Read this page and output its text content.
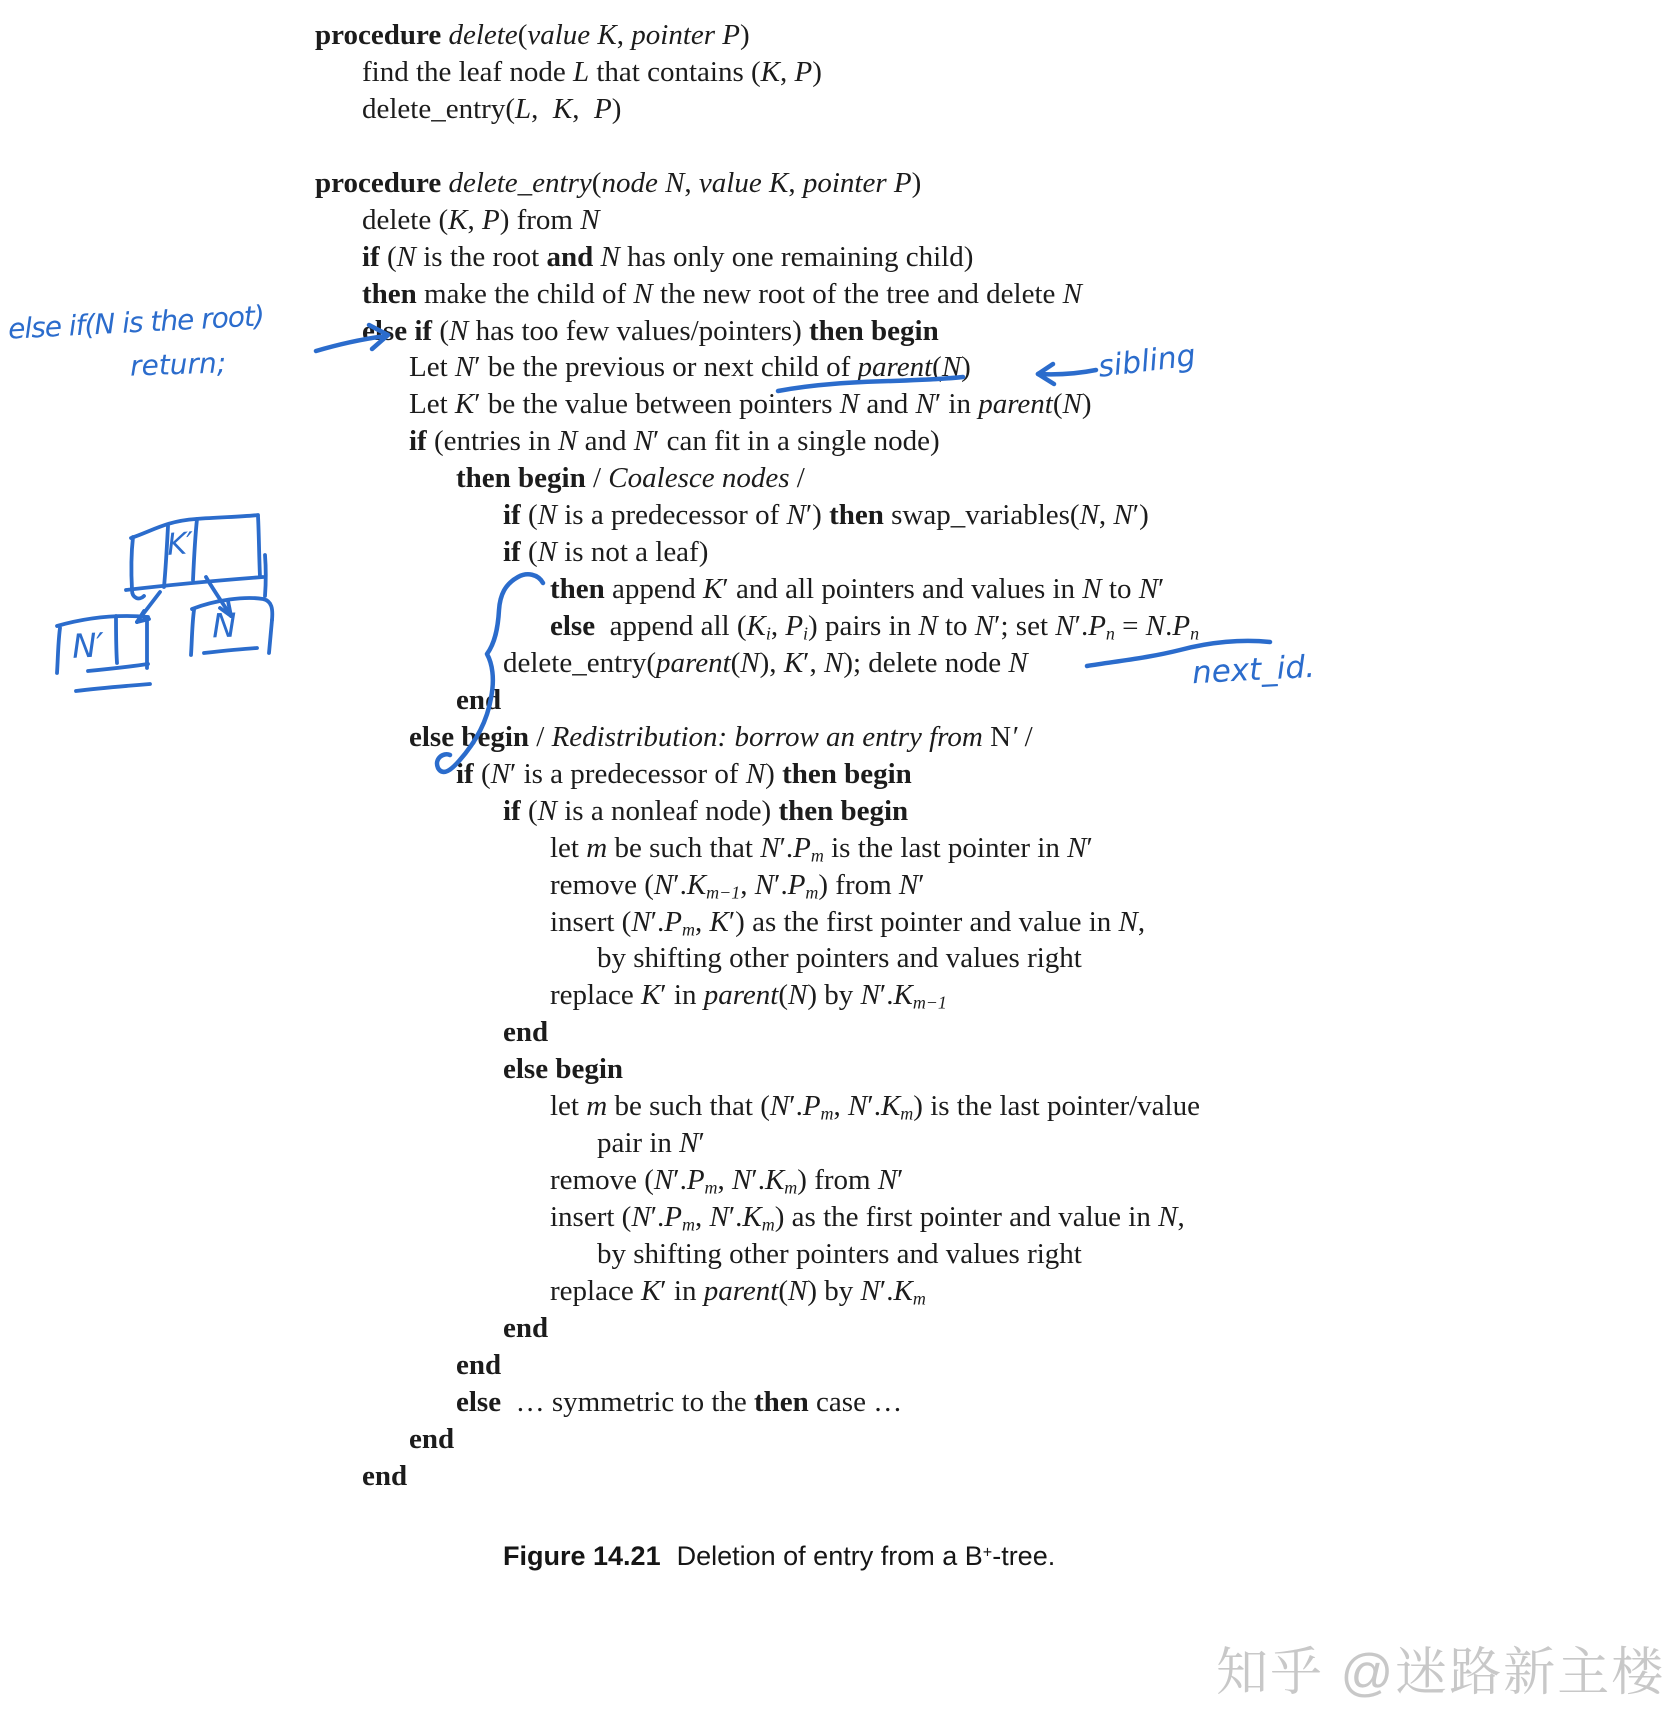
procedure delete(value K, pointer P)
find the leaf node L that contains (K, P)
delete_entry(L,  K,  P)

procedure delete_entry(node N, value K, pointer P)
delete (K, P) from N
if (N is the root and N has only one remaining child)
then make the child of N the new root of the tree and delete N
else if (N has too few values/pointers) then begin
Let N′ be the previous or next child of parent(N)
Let K′ be the value between pointers N and N′ in parent(N)
if (entries in N and N′ can fit in a single node)
then begin / Coalesce nodes /
if (N is a predecessor of N′) then swap_variables(N, N′)
if (N is not a leaf)
then append K′ and all pointers and values in N to N′
else  append all ($K_i$, $P_i$) pairs in N to N′; set $N'.P_n = N.P_n$
delete_entry(parent(N), K′, N); delete node N
end
else begin / Redistribution: borrow an entry from N′ /
if (N′ is a predecessor of N) then begin
if (N is a nonleaf node) then begin
let m be such that $N'.P_m$ is the last pointer in N′
remove ($N'.K_{m-1}$, $N'.P_m$) from N′
insert ($N'.P_m$, K′) as the first pointer and value in N,
by shifting other pointers and values right
replace K′ in parent(N) by $N'.K_{m-1}$
end
else begin
let m be such that ($N'.P_m$, $N'.K_m$) is the last pointer/value
pair in N′
remove ($N'.P_m$, $N'.K_m$) from N′
insert ($N'.P_m$, $N'.K_m$) as the first pointer and value in N,
by shifting other pointers and values right
replace K′ in parent(N) by $N'.K_m$
end
end
else  … symmetric to the then case …
end
end
else if(N is the root)
return;	sibling
next_id.
K′
N′	N

Figure 14.21 Deletion of entry from a B+-tree.

知乎 @迷路新主楼
